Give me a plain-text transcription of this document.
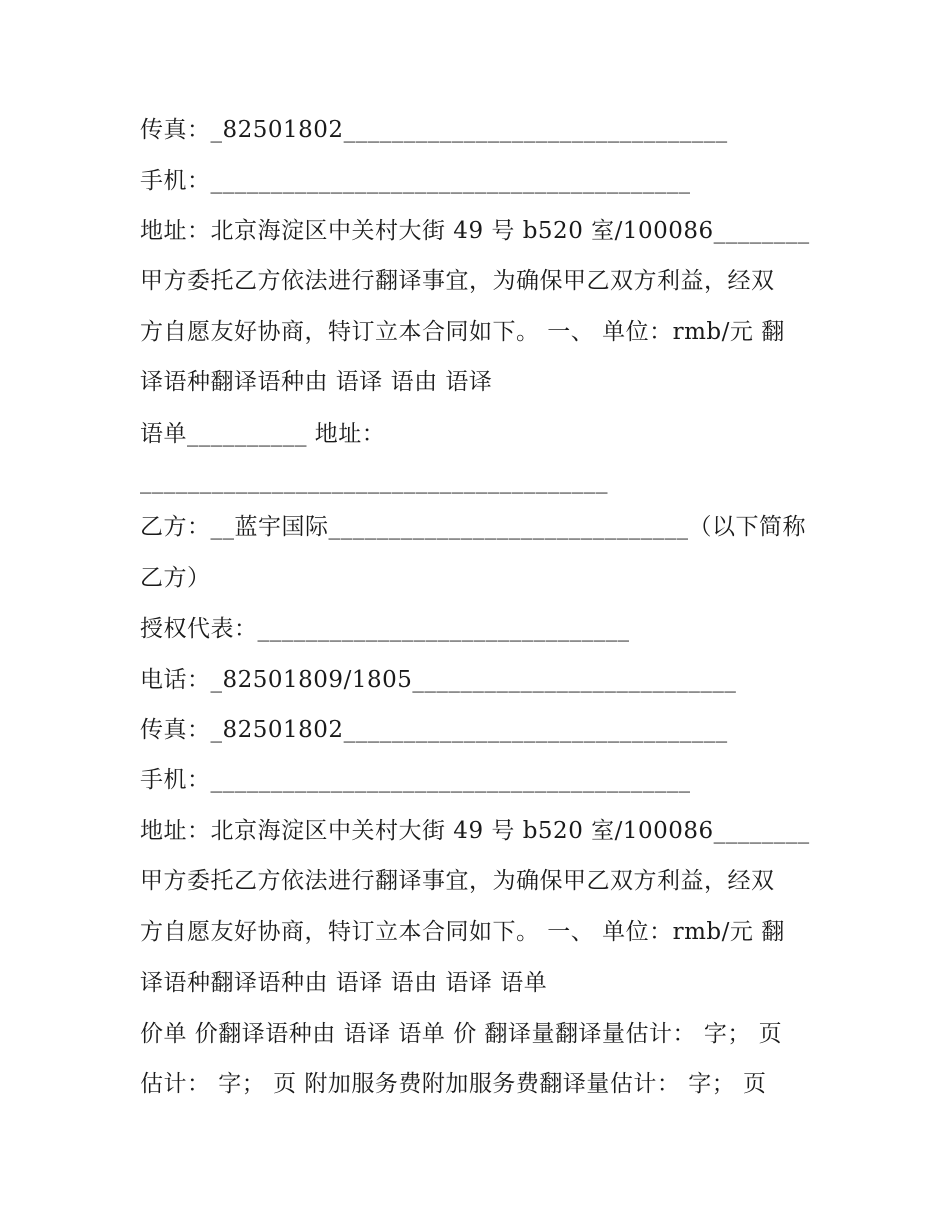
传真：_82501802________________________________
手机：________________________________________
地址：北京海淀区中关村大街 49 号 b520 室/100086________
甲方委托乙方依法进行翻译事宜，为确保甲乙双方利益，经双
方自愿友好协商，特订立本合同如下。 一、 单位：rmb/元 翻
译语种翻译语种由 语译 语由 语译
语单__________ 地址：
_______________________________________
乙方：__蓝宇国际______________________________（以下简称
乙方）
授权代表：_______________________________
电话：_82501809/1805___________________________
传真：_82501802________________________________
手机：________________________________________
地址：北京海淀区中关村大街 49 号 b520 室/100086________
甲方委托乙方依法进行翻译事宜，为确保甲乙双方利益，经双
方自愿友好协商，特订立本合同如下。 一、 单位：rmb/元 翻
译语种翻译语种由 语译 语由 语译 语单
价单 价翻译语种由 语译 语单 价 翻译量翻译量估计： 字； 页
估计： 字； 页 附加服务费附加服务费翻译量估计： 字； 页
